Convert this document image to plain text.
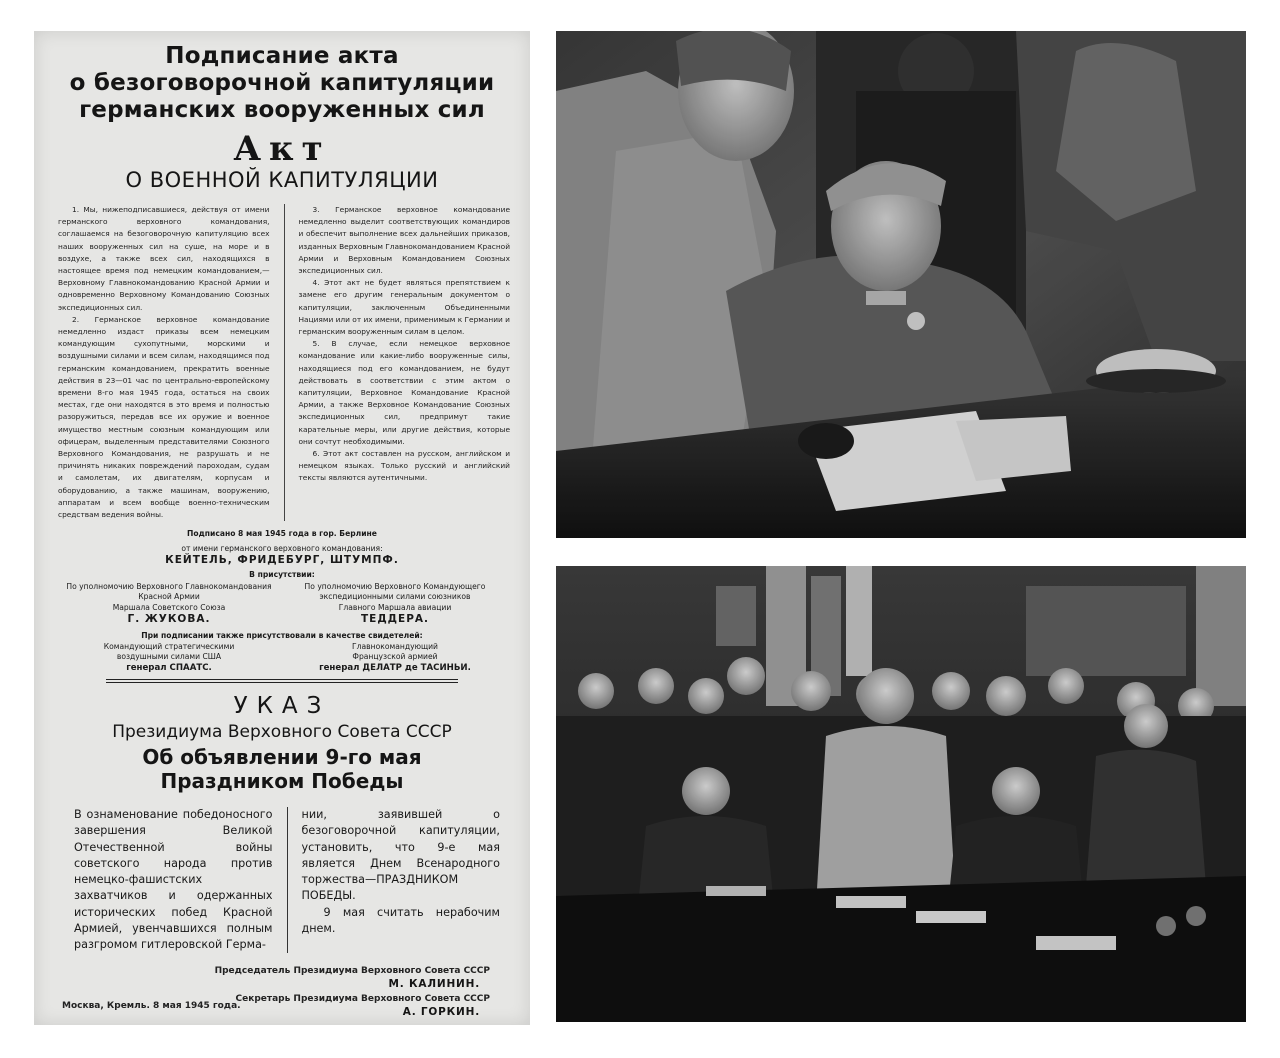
Подписание акта
о безоговорочной капитуляции
германских вооруженных сил
Акт
О ВОЕННОЙ КАПИТУЛЯЦИИ

1. Мы, нижеподписавшиеся, действуя от имени германского верховного командования, соглашаемся на безоговорочную капитуляцию всех наших вооруженных сил на суше, на море и в воздухе, а также всех сил, находящихся в настоящее время под немецким командованием,—Верховному Главнокомандованию Красной Армии и одновременно Верховному Командованию Союзных экспедиционных сил.

2. Германское верховное командование немедленно издаст приказы всем немецким командующим сухопутными, морскими и воздушными силами и всем силам, находящимся под германским командованием, прекратить военные действия в 23—01 час по центрально-европейскому времени 8-го мая 1945 года, остаться на своих местах, где они находятся в это время и полностью разоружиться, передав все их оружие и военное имущество местным союзным командующим или офицерам, выделенным представителями Союзного Верховного Командования, не разрушать и не причинять никаких повреждений пароходам, судам и самолетам, их двигателям, корпусам и оборудованию, а также машинам, вооружению, аппаратам и всем вообще военно-техническим средствам ведения войны.

3. Германское верховное командование немедленно выделит соответствующих командиров и обеспечит выполнение всех дальнейших приказов, изданных Верховным Главнокомандованием Красной Армии и Верховным Командованием Союзных экспедиционных сил.

4. Этот акт не будет являться препятствием к замене его другим генеральным документом о капитуляции, заключенным Объединенными Нациями или от их имени, применимым к Германии и германским вооруженным силам в целом.

5. В случае, если немецкое верховное командование или какие-либо вооруженные силы, находящиеся под его командованием, не будут действовать в соответствии с этим актом о капитуляции, Верховное Командование Красной Армии, а также Верховное Командование Союзных экспедиционных сил, предпримут такие карательные меры, или другие действия, которые они сочтут необходимыми.

6. Этот акт составлен на русском, английском и немецком языках. Только русский и английский тексты являются аутентичными.

Подписано 8 мая 1945 года в гор. Берлине
от имени германского верховного командования:
КЕЙТЕЛЬ, ФРИДЕБУРГ, ШТУМПФ.
В присутствии:
По уполномочию Верховного Главнокомандования
Красной Армии
Маршала Советского Союза
Г. ЖУКОВА.
По уполномочию Верховного Командующего
экспедиционными силами союзников
Главного Маршала авиации
ТЕДДЕРА.
При подписании также присутствовали в качестве свидетелей:
Командующий стратегическими
воздушными силами США
генерал СПААТС.
Главнокомандующий
Французской армией
генерал ДЕЛАТР де ТАСИНЬИ.
УКАЗ
Президиума Верховного Совета СССР
Об объявлении 9-го мая
Праздником Победы

В ознаменование победоносного завершения Великой Отечественной войны советского народа против немецко-фашистских захватчиков и одержанных исторических побед Красной Армией, увенчавшихся полным разгромом гитлеровской Герма-

нии, заявившей о безоговорочной капитуляции, установить, что 9-е мая является Днем Всенародного торжества—ПРАЗДНИКОМ ПОБЕДЫ.

9 мая считать нерабочим днем.

Председатель Президиума Верховного Совета СССР
М. КАЛИНИН.
Секретарь Президиума Верховного Совета СССР
А. ГОРКИН.
Москва, Кремль. 8 мая 1945 года.
